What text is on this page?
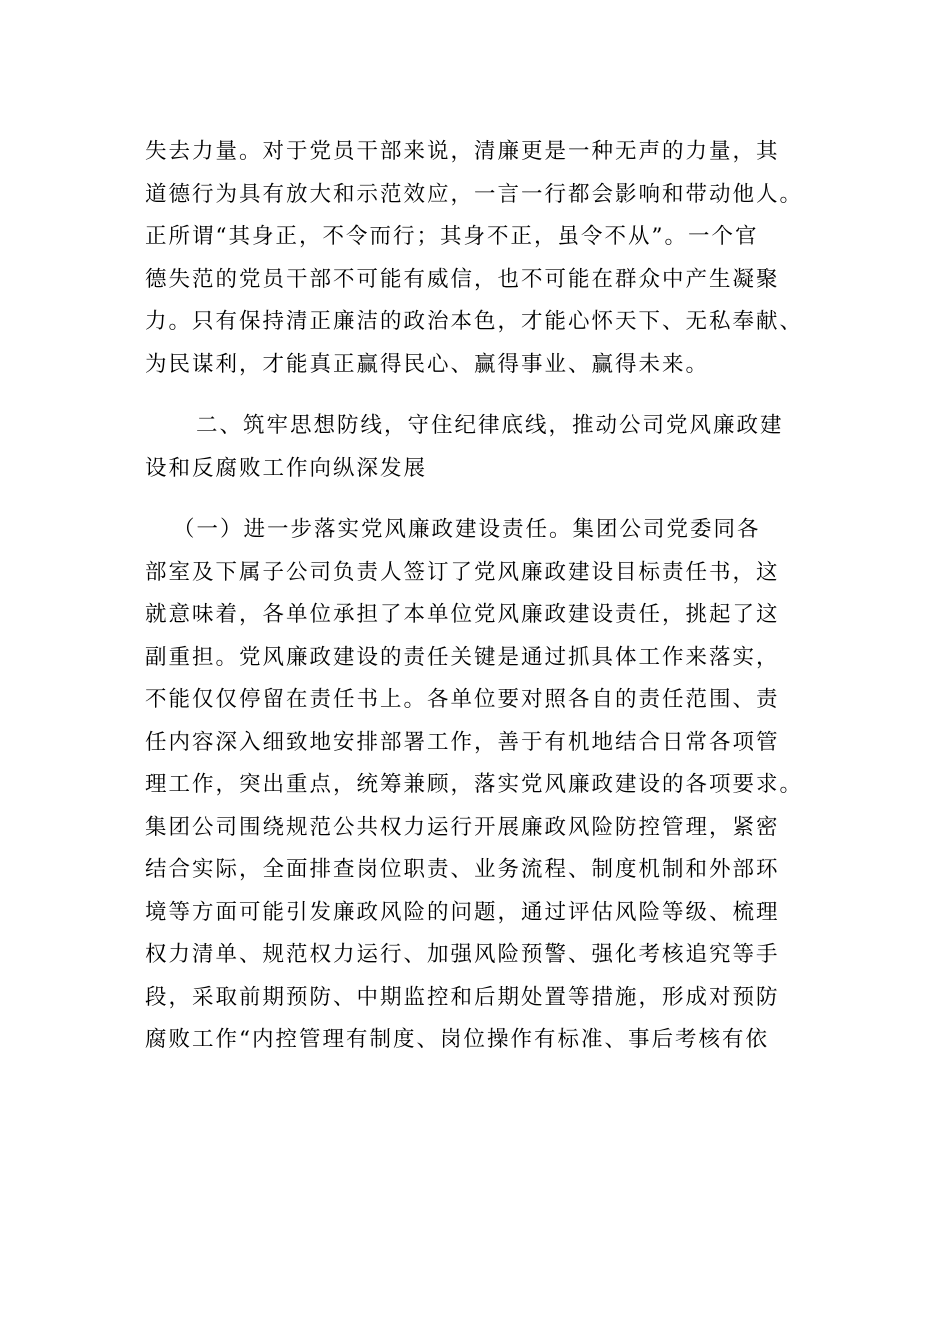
失去力量。对于党员干部来说，清廉更是一种无声的力量，其
道德行为具有放大和示范效应，一言一行都会影响和带动他人。
正所谓“其身正，不令而行；其身不正，虽令不从”。一个官
德失范的党员干部不可能有威信，也不可能在群众中产生凝聚
力。只有保持清正廉洁的政治本色，才能心怀天下、无私奉献、
为民谋利，才能真正赢得民心、赢得事业、赢得未来。
二、筑牢思想防线，守住纪律底线，推动公司党风廉政建
设和反腐败工作向纵深发展
（一）进一步落实党风廉政建设责任。集团公司党委同各
部室及下属子公司负责人签订了党风廉政建设目标责任书，这
就意味着，各单位承担了本单位党风廉政建设责任，挑起了这
副重担。党风廉政建设的责任关键是通过抓具体工作来落实，
不能仅仅停留在责任书上。各单位要对照各自的责任范围、责
任内容深入细致地安排部署工作，善于有机地结合日常各项管
理工作，突出重点，统筹兼顾，落实党风廉政建设的各项要求。
集团公司围绕规范公共权力运行开展廉政风险防控管理，紧密
结合实际，全面排查岗位职责、业务流程、制度机制和外部环
境等方面可能引发廉政风险的问题，通过评估风险等级、梳理
权力清单、规范权力运行、加强风险预警、强化考核追究等手
段，采取前期预防、中期监控和后期处置等措施，形成对预防
腐败工作“内控管理有制度、岗位操作有标准、事后考核有依
